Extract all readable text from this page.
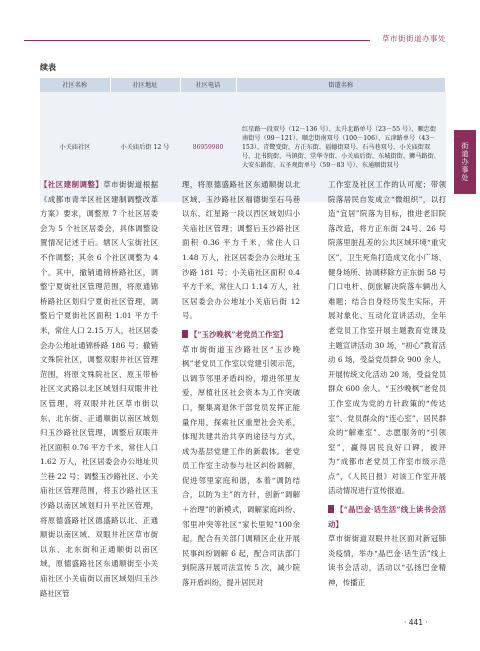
草市街街道办事处
街道办事处
续表
社区名称	社区地址	社区电话	街道名称
小关庙社区	小关庙后街 12 号	86959980	红星路一段双号（12－136 号）、太升北路单号（23－55 号）、顺忠街南街号（99－121）、顺忠街南双号（100－106）、五津路单号（43－153）、青鹭变街、方正东街、福德街双号、石马巷双号、小关庙街双号、北书院街、马镇街、堂华寺街、小关庙后街、东城街街、狮马路街、大安东路街、五圣观街单号（59－83 号）、东通顺街双号

【社区建制调整】草市街街道根据《成都市青羊区社区建制调整改革方案》要求，调整原 7 个社区居委会为 5 个社区居委会，具体调整设置情况记述于后。辖区人宝街社区不作调整；其余 6 个社区调整为 4 个。其中，撤销通锦桥路社区，调整宁夏街社区管理范围，将原通锦桥路社区划归宁夏街社区管理，调整后宁夏街社区面积 1.01 平方千米，常住人口 2.15 万人，社区居委会办公地址通锦桥路 186 号；撤销文殊院社区，调整双眼井社区管理范围，将原文殊院社区、原玉带桥社区文武路以北区域划归双眼井社区管理，将双眼井社区草市街以东、北东街、正通顺街以南区域划归玉沙路社区管理，调整后双眼井社区面积 0.76 平方千米，常住人口 1.62 万人，社区居委会办公地址贝兰巷 22 号；调整玉沙路社区、小关庙社区管理范围，将玉沙路社区玉沙路以南区域划归升平社区管理，将原德盛路社区德盛路以北、正通顺街以南区域、双眼井社区草市街以东、北东街和正通顺街以南区域，原德盛路社区东通顺街至小关庙社区小关庙街以南区域划归玉沙路社区管

理，将原德盛路社区东通顺街以北区域、玉沙路社区福德街至石马巷以东、红星路一段以西区域划归小关庙社区管理；调整后玉沙路社区面积 0.36 平方千米，常住人口 1.48 万人，社区居委会办公地址玉沙路 181 号；小关庙社区面积 0.4 平方千米，常住人口 1.14 万人，社区居委会办公地址小关庙后街 12 号。

【“玉沙晚枫”老党员工作室】

草市街街道玉沙路社区“玉沙晚枫”老党员工作室以党建引领示范，以调节邻里矛盾纠纷，增进邻里友爱，厚植社区社会资本为工作突破口，聚集离退休干部党员发挥正能量作用，探索社区重塑社会关系，体现共建共治共享的途径与方式，成为基层党建工作的新载体。老党员工作室主动参与社区纠纷调解，促进邻里家庭和谐，本着“调防结合，以防为主”的方针，创新“调解＋治理”的新模式，调解家庭纠纷、邻里冲突等社区“家长里短”100余起。配合有关部门调精区企业开展民事纠纷调解 6 起，配合司法部门到院落开展司法宣传 5 次，减少院落开盾纠纷，提升居民对

工作室及社区工作的认可度；带领院落居民自发成立“微组织”，以打造“宜居”院落为目标，推进老旧院落改造，将方正东街 24号、26 号院落里脏乱差的公共区域环境“重灾区”，卫生死角打造成文化小广场、健身场所、协调移除方正东街 58 号门口电杆、倒旅解决院落车辆出入难题；结合自身经历发生实际，开展对象化、互动化宣讲活动，全年老党员工作室开展主题教育党课及主题宣讲活动 30 场，“初心”教育活动 6 场，受益党员群众 900 余人，开展传统文化活动 20 场，受益党员群众 600 余人。“玉沙晚枫”老党员工作室成为党的方针政策的“传达室”、党员群众的“连心室”、居民群众的“解难室”、志愿服务的“引领室”，赢得居民良好口碑，被评为“成都市老党员工作室市级示范点”，《人民日报》对该工作室开展活动情况进行宣传报道。

【“晶巴金·话生活”线上读书会活动】

草市街街道双眼井社区面对新冠肺炎疫情，举办“晶巴金·话生活”线上读书会活动，活动以“弘扬巴金精神，传播正

· 441 ·
